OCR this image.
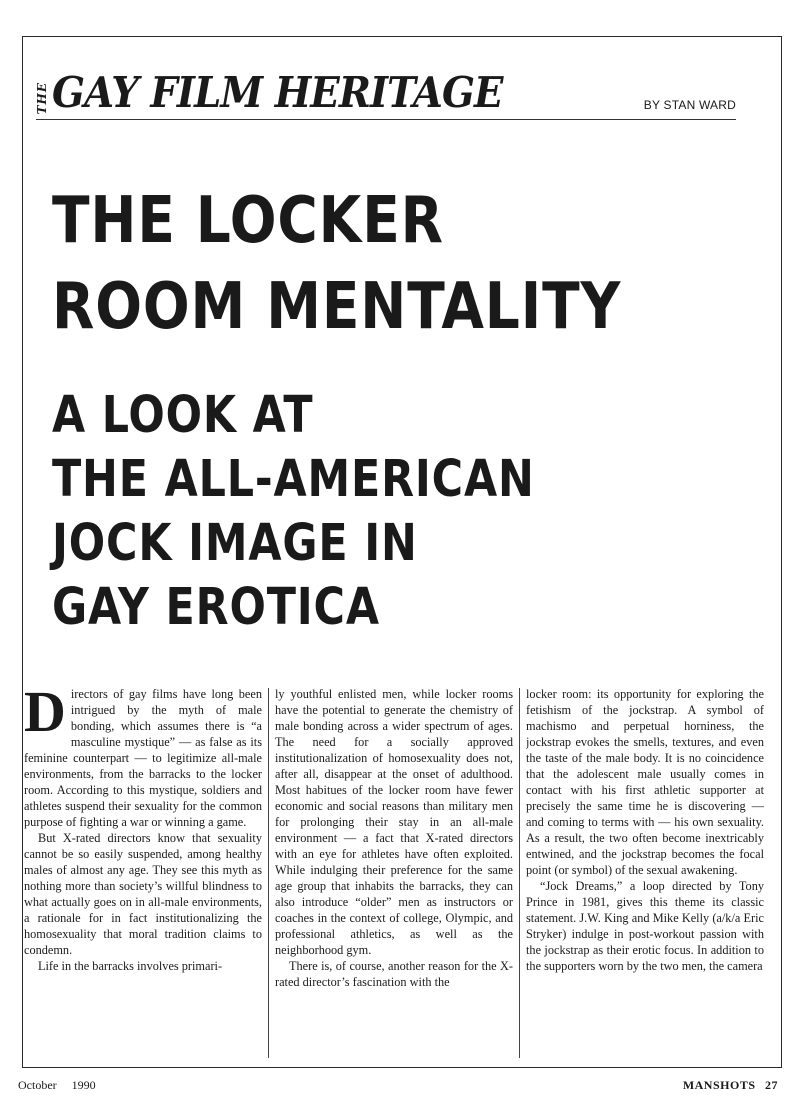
THE GAY FILM HERITAGE	BY STAN WARD
THE LOCKER
ROOM MENTALITY
A LOOK AT
THE ALL-AMERICAN
JOCK IMAGE IN
GAY EROTICA

Directors of gay films have long been intrigued by the myth of male bonding, which assumes there is “a masculine mystique” — as false as its feminine counterpart — to legitimize all-male environments, from the barracks to the locker room. According to this mystique, soldiers and athletes suspend their sexuality for the common purpose of fighting a war or winning a game.

But X-rated directors know that sexuality cannot be so easily suspended, among healthy males of almost any age. They see this myth as nothing more than society’s willful blindness to what actually goes on in all-male environments, a rationale for in fact institutionalizing the homosexuality that moral tradition claims to condemn.

Life in the barracks involves primari-

ly youthful enlisted men, while locker rooms have the potential to generate the chemistry of male bonding across a wider spectrum of ages. The need for a socially approved institutionalization of homosexuality does not, after all, disappear at the onset of adulthood. Most habitues of the locker room have fewer economic and social reasons than military men for prolonging their stay in an all-male environment — a fact that X-rated directors with an eye for athletes have often exploited. While indulging their preference for the same age group that inhabits the barracks, they can also introduce “older” men as instructors or coaches in the context of college, Olympic, and professional athletics, as well as the neighborhood gym.

There is, of course, another reason for the X-rated director’s fascination with the

locker room: its opportunity for exploring the fetishism of the jockstrap. A symbol of machismo and perpetual horniness, the jockstrap evokes the smells, textures, and even the taste of the male body. It is no coincidence that the adolescent male usually comes in contact with his first athletic supporter at precisely the same time he is discovering — and coming to terms with — his own sexuality. As a result, the two often become inextricably entwined, and the jockstrap becomes the focal point (or symbol) of the sexual awakening.

“Jock Dreams,” a loop directed by Tony Prince in 1981, gives this theme its classic statement. J.W. King and Mike Kelly (a/k/a Eric Stryker) indulge in post-workout passion with the jockstrap as their erotic focus. In addition to the supporters worn by the two men, the camera

October 1990	MANSHOTS 27
